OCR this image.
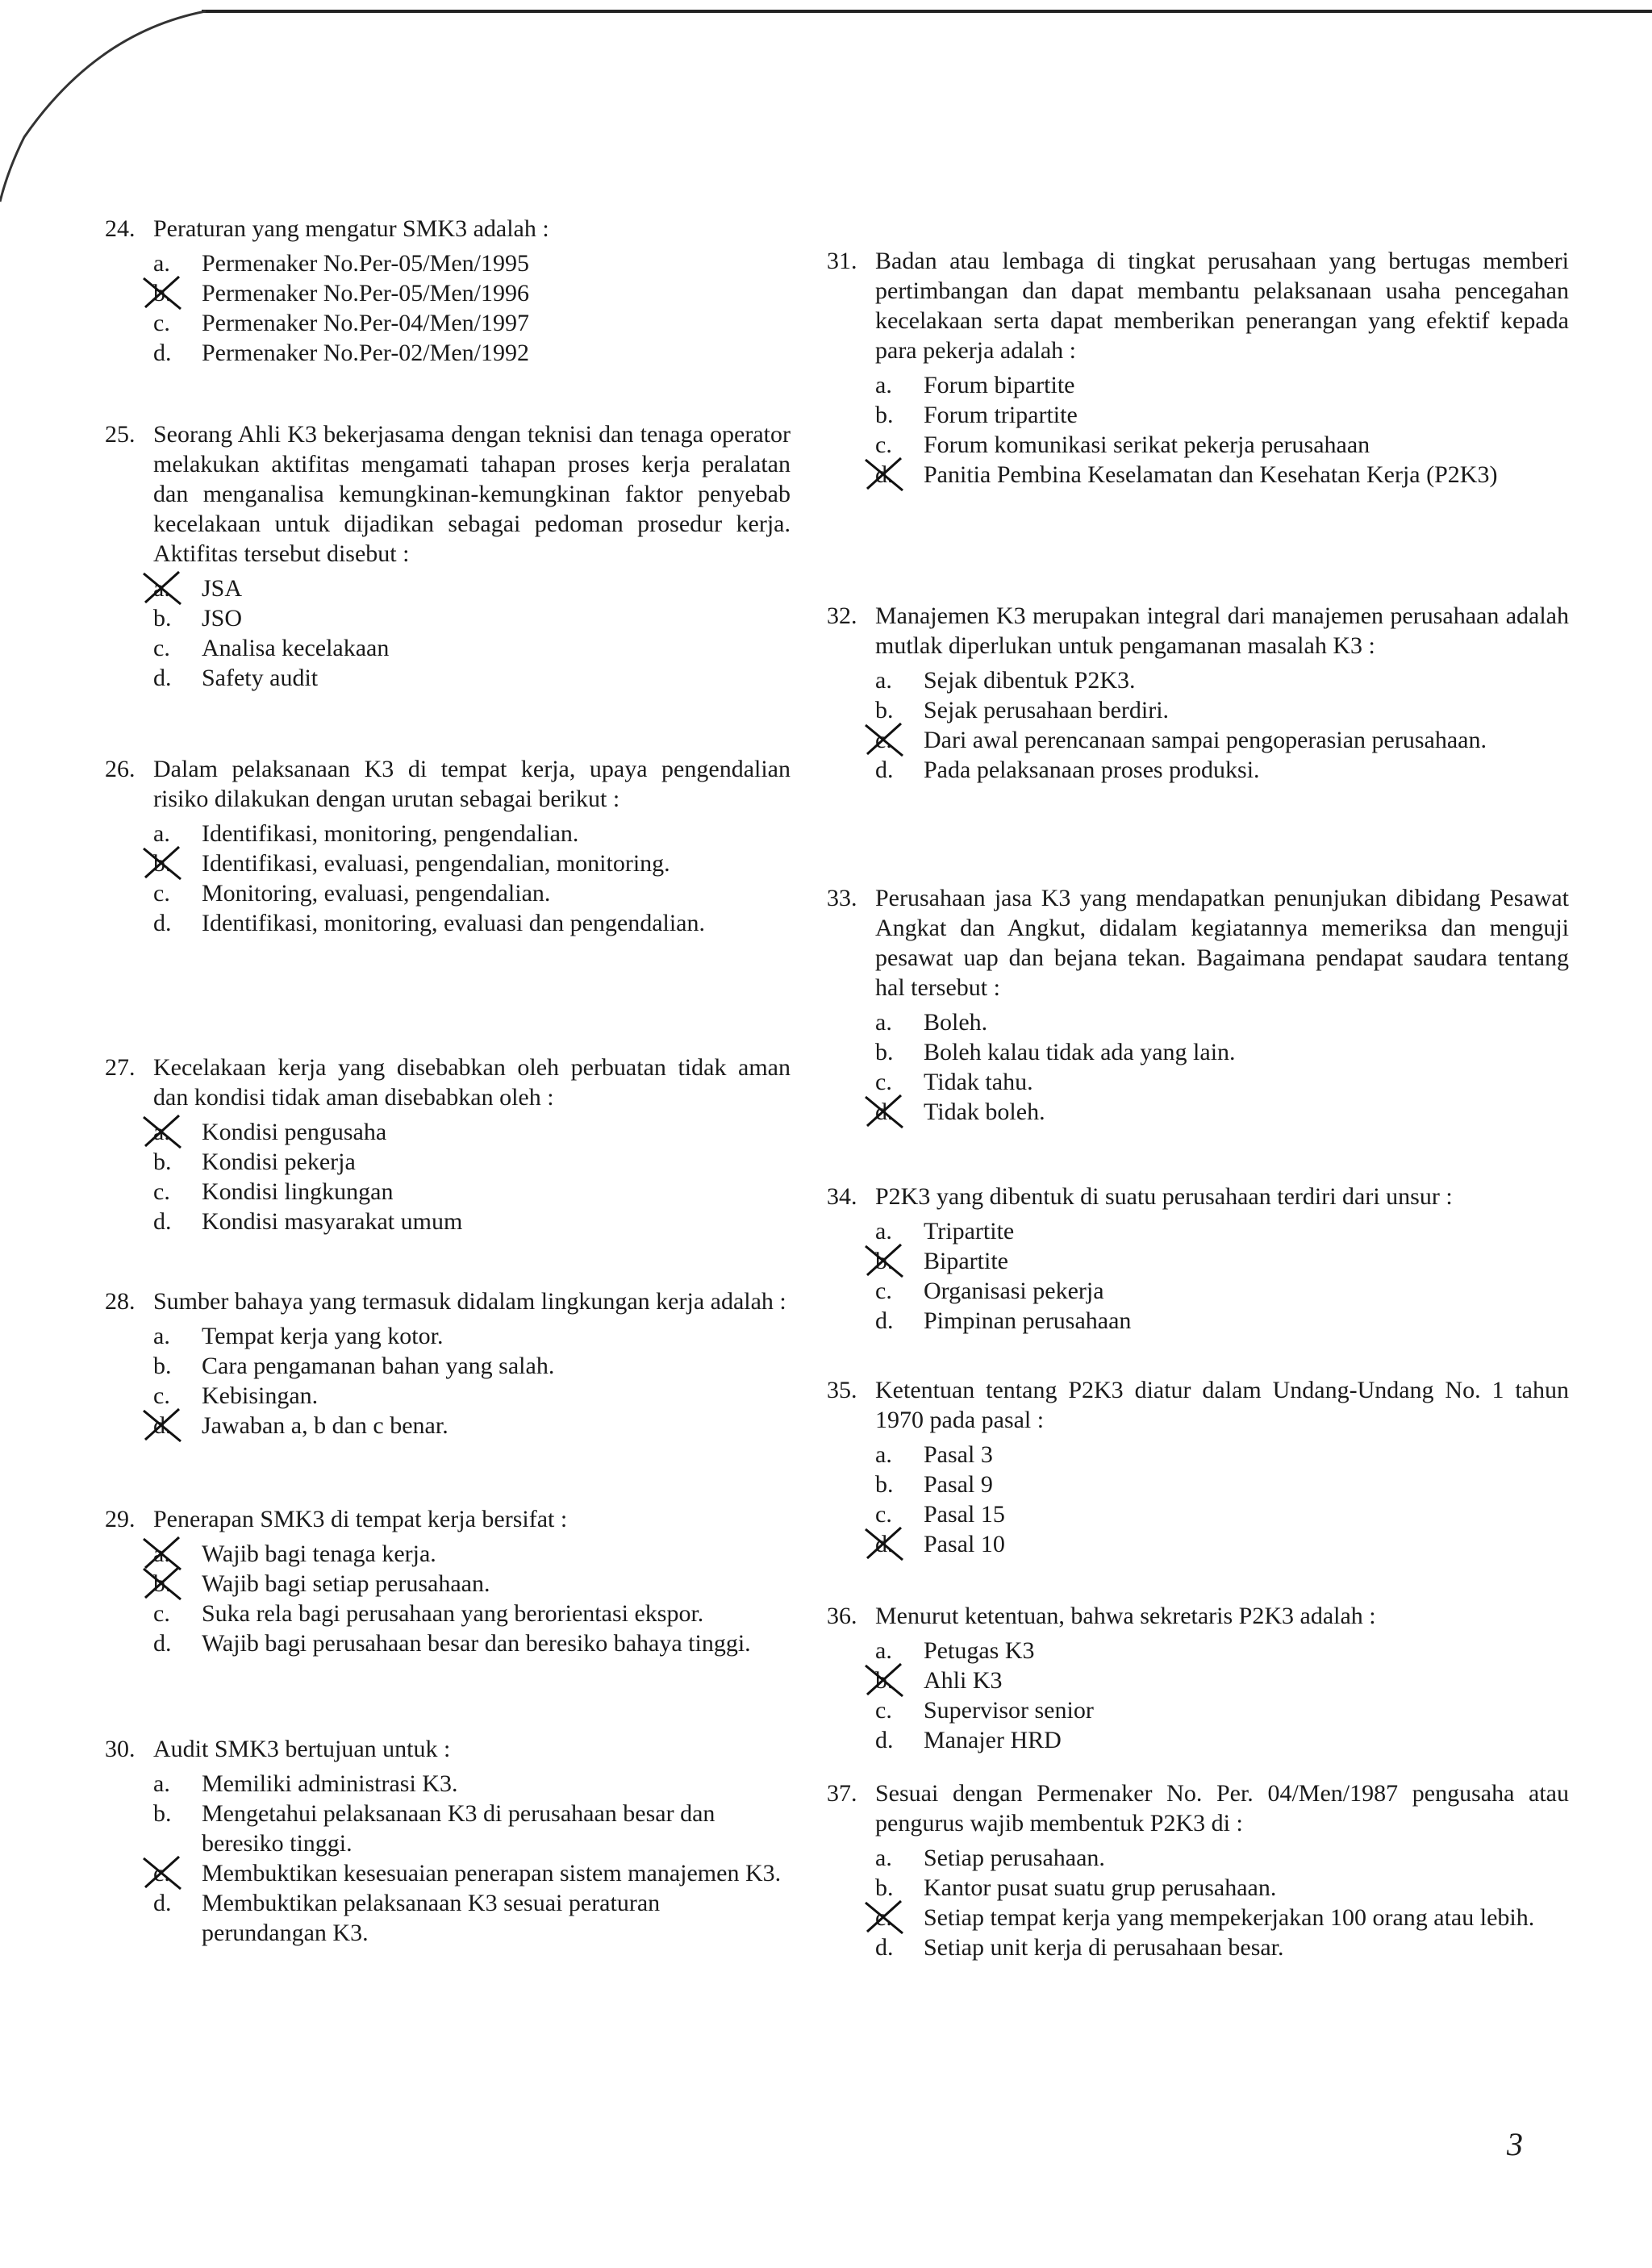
24. Peraturan yang mengatur SMK3 adalah :
a.	Permenaker No.Per-05/Men/1995
b.	Permenaker No.Per-05/Men/1996
c.	Permenaker No.Per-04/Men/1997
d.	Permenaker No.Per-02/Men/1992
25. Seorang Ahli K3 bekerjasama dengan teknisi dan tenaga operator melakukan aktifitas mengamati tahapan proses kerja peralatan dan menganalisa kemungkinan-kemungkinan faktor penyebab kecelakaan untuk dijadikan sebagai pedoman prosedur kerja. Aktifitas tersebut disebut :
a.	JSA
b.	JSO
c.	Analisa kecelakaan
d.	Safety audit
26. Dalam pelaksanaan K3 di tempat kerja, upaya pengendalian risiko dilakukan dengan urutan sebagai berikut :
a.	Identifikasi, monitoring, pengendalian.
b.	Identifikasi, evaluasi, pengendalian, monitoring.
c.	Monitoring, evaluasi, pengendalian.
d.	Identifikasi, monitoring, evaluasi dan pengendalian.
27. Kecelakaan kerja yang disebabkan oleh perbuatan tidak aman dan kondisi tidak aman disebabkan oleh :
a.	Kondisi pengusaha
b.	Kondisi pekerja
c.	Kondisi lingkungan
d.	Kondisi masyarakat umum
28. Sumber bahaya yang termasuk didalam lingkungan kerja adalah :
a.	Tempat kerja yang kotor.
b.	Cara pengamanan bahan yang salah.
c.	Kebisingan.
d.	Jawaban a, b dan c benar.
29. Penerapan SMK3 di tempat kerja bersifat :
a.	Wajib bagi tenaga kerja.
b.	Wajib bagi setiap perusahaan.
c.	Suka rela bagi perusahaan yang berorientasi ekspor.
d.	Wajib bagi perusahaan besar dan beresiko bahaya tinggi.
30. Audit SMK3 bertujuan untuk :
a.	Memiliki administrasi K3.
b.	Mengetahui pelaksanaan K3 di perusahaan besar dan beresiko tinggi.
c.	Membuktikan kesesuaian penerapan sistem manajemen K3.
d.	Membuktikan pelaksanaan K3 sesuai peraturan perundangan K3.
31. Badan atau lembaga di tingkat perusahaan yang bertugas memberi pertimbangan dan dapat membantu pelaksanaan usaha pencegahan kecelakaan serta dapat memberikan penerangan yang efektif kepada para pekerja adalah :
a.	Forum bipartite
b.	Forum tripartite
c.	Forum komunikasi serikat pekerja perusahaan
d.	Panitia Pembina Keselamatan dan Kesehatan Kerja (P2K3)
32. Manajemen K3 merupakan integral dari manajemen perusahaan adalah mutlak diperlukan untuk pengamanan masalah K3 :
a.	Sejak dibentuk P2K3.
b.	Sejak perusahaan berdiri.
c.	Dari awal perencanaan sampai pengoperasian perusahaan.
d.	Pada pelaksanaan proses produksi.
33. Perusahaan jasa K3 yang mendapatkan penunjukan dibidang Pesawat Angkat dan Angkut, didalam kegiatannya memeriksa dan menguji pesawat uap dan bejana tekan. Bagaimana pendapat saudara tentang hal tersebut :
a.	Boleh.
b.	Boleh kalau tidak ada yang lain.
c.	Tidak tahu.
d.	Tidak boleh.
34. P2K3 yang dibentuk di suatu perusahaan terdiri dari unsur :
a.	Tripartite
b.	Bipartite
c.	Organisasi pekerja
d.	Pimpinan perusahaan
35. Ketentuan tentang P2K3 diatur dalam Undang-Undang No. 1 tahun 1970 pada pasal :
a.	Pasal 3
b.	Pasal 9
c.	Pasal 15
d.	Pasal 10
36. Menurut ketentuan, bahwa sekretaris P2K3 adalah :
a.	Petugas K3
b.	Ahli K3
c.	Supervisor senior
d.	Manajer HRD
37. Sesuai dengan Permenaker No. Per. 04/Men/1987 pengusaha atau pengurus wajib membentuk P2K3 di :
a.	Setiap perusahaan.
b.	Kantor pusat suatu grup perusahaan.
c.	Setiap tempat kerja yang mempekerjakan 100 orang atau lebih.
d.	Setiap unit kerja di perusahaan besar.
3
